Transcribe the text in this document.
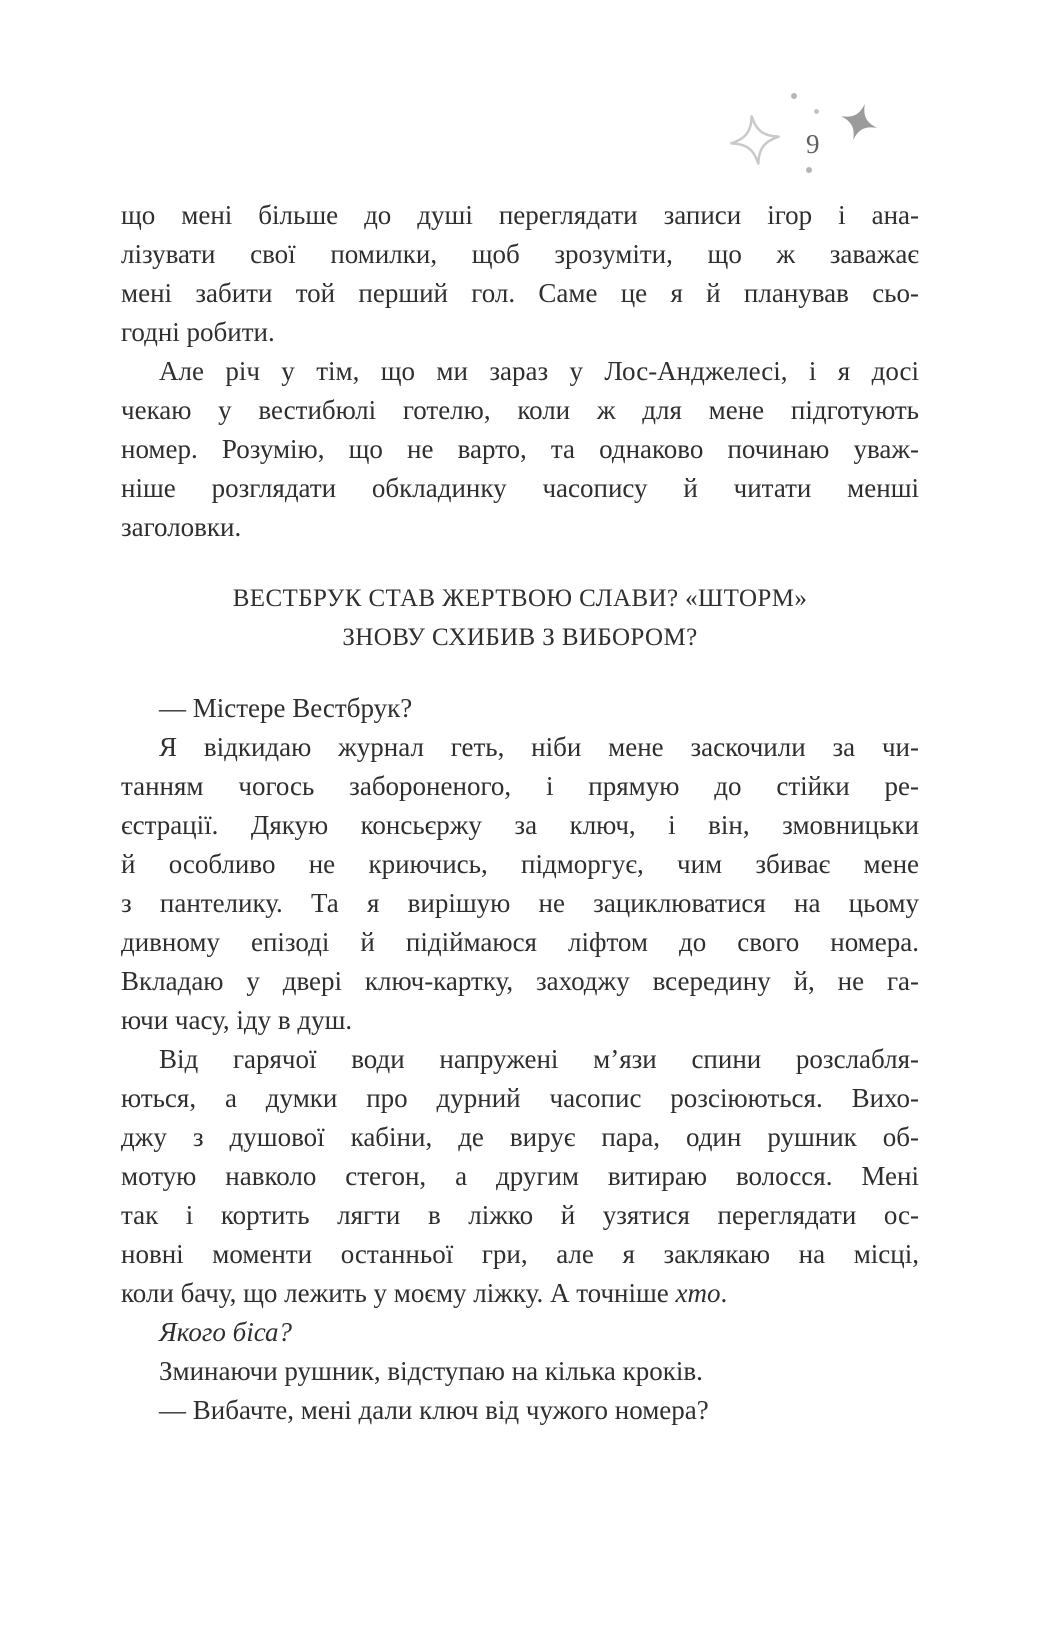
9
що мені більше до душі переглядати записи ігор і ана-
лізувати свої помилки, щоб зрозуміти, що ж заважає
мені забити той перший гол. Саме це я й планував сьо-
годні робити.
Але річ у тім, що ми зараз у Лос-Анджелесі, і я досі
чекаю у вестибюлі готелю, коли ж для мене підготують
номер. Розумію, що не варто, та однаково починаю уваж-
ніше розглядати обкладинку часопису й читати менші
заголовки.
ВЕСТБРУК СТАВ ЖЕРТВОЮ СЛАВИ? «ШТОРМ»
ЗНОВУ СХИБИВ З ВИБОРОМ?
— Містере Вестбрук?
Я відкидаю журнал геть, ніби мене заскочили за чи-
танням чогось забороненого, і прямую до стійки ре-
єстрації. Дякую консьєржу за ключ, і він, змовницьки
й особливо не криючись, підморгує, чим збиває мене
з пантелику. Та я вирішую не зациклюватися на цьому
дивному епізоді й підіймаюся ліфтом до свого номера.
Вкладаю у двері ключ-картку, заходжу всередину й, не га-
ючи часу, іду в душ.
Від гарячої води напружені м’язи спини розслабля-
ються, а думки про дурний часопис розсіюються. Вихо-
джу з душової кабіни, де вирує пара, один рушник об-
мотую навколо стегон, а другим витираю волосся. Мені
так і кортить лягти в ліжко й узятися переглядати ос-
новні моменти останньої гри, але я заклякаю на місці,
коли бачу, що лежить у моєму ліжку. А точніше хто.
Якого біса?
Зминаючи рушник, відступаю на кілька кроків.
— Вибачте, мені дали ключ від чужого номера?
